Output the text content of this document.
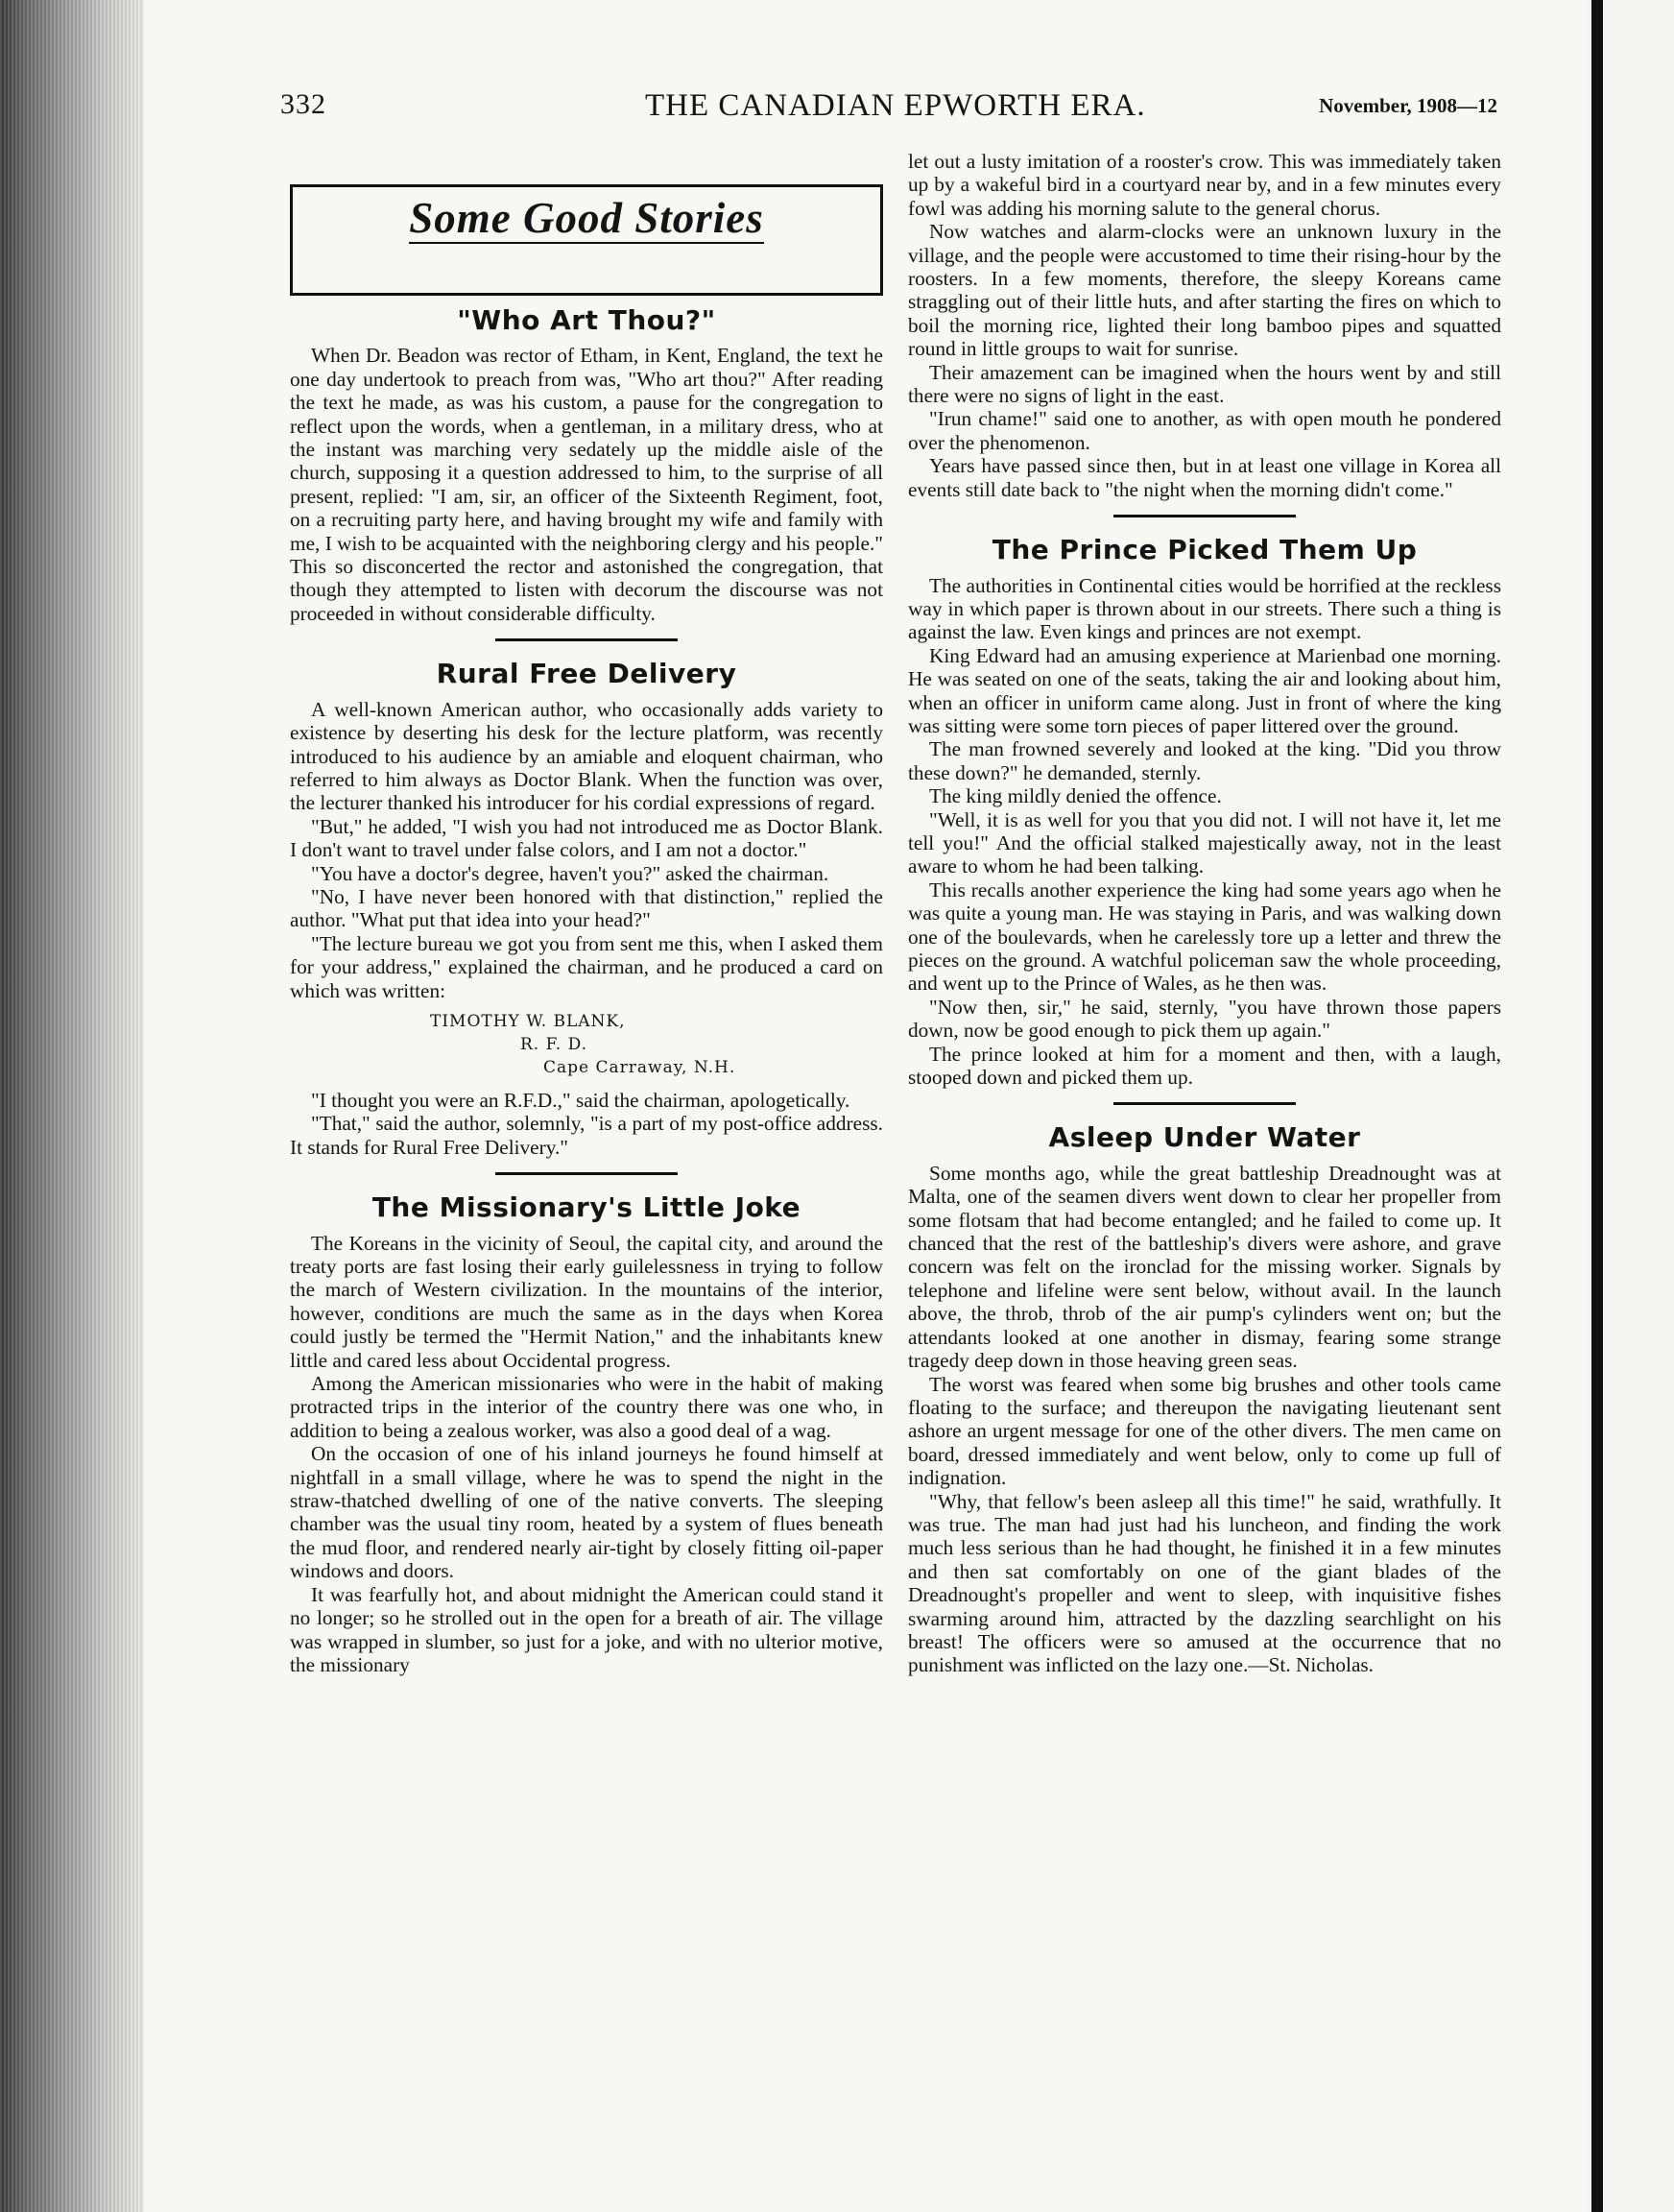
332	THE CANADIAN EPWORTH ERA.	November, 1908—12
Some Good Stories
"Who Art Thou?"

When Dr. Beadon was rector of Etham, in Kent, England, the text he one day undertook to preach from was, "Who art thou?" After reading the text he made, as was his custom, a pause for the congregation to reflect upon the words, when a gentleman, in a military dress, who at the instant was marching very sedately up the middle aisle of the church, supposing it a question addressed to him, to the surprise of all present, replied: "I am, sir, an officer of the Sixteenth Regiment, foot, on a recruiting party here, and having brought my wife and family with me, I wish to be acquainted with the neighboring clergy and his people." This so disconcerted the rector and astonished the congregation, that though they attempted to listen with decorum the discourse was not proceeded in without considerable difficulty.

Rural Free Delivery

A well-known American author, who occasionally adds variety to existence by deserting his desk for the lecture platform, was recently introduced to his audience by an amiable and eloquent chairman, who referred to him always as Doctor Blank. When the function was over, the lecturer thanked his introducer for his cordial expressions of regard.

"But," he added, "I wish you had not introduced me as Doctor Blank. I don't want to travel under false colors, and I am not a doctor."

"You have a doctor's degree, haven't you?" asked the chairman.

"No, I have never been honored with that distinction," replied the author. "What put that idea into your head?"

"The lecture bureau we got you from sent me this, when I asked them for your address," explained the chairman, and he produced a card on which was written:

TIMOTHY W. BLANK,
R. F. D.
Cape Carraway, N.H.

"I thought you were an R.F.D.," said the chairman, apologetically.

"That," said the author, solemnly, "is a part of my post-office address. It stands for Rural Free Delivery."

The Missionary's Little Joke

The Koreans in the vicinity of Seoul, the capital city, and around the treaty ports are fast losing their early guilelessness in trying to follow the march of Western civilization. In the mountains of the interior, however, conditions are much the same as in the days when Korea could justly be termed the "Hermit Nation," and the inhabitants knew little and cared less about Occidental progress.

Among the American missionaries who were in the habit of making protracted trips in the interior of the country there was one who, in addition to being a zealous worker, was also a good deal of a wag.

On the occasion of one of his inland journeys he found himself at nightfall in a small village, where he was to spend the night in the straw-thatched dwelling of one of the native converts. The sleeping chamber was the usual tiny room, heated by a system of flues beneath the mud floor, and rendered nearly air-tight by closely fitting oil-paper windows and doors.

It was fearfully hot, and about midnight the American could stand it no longer; so he strolled out in the open for a breath of air. The village was wrapped in slumber, so just for a joke, and with no ulterior motive, the missionary

let out a lusty imitation of a rooster's crow. This was immediately taken up by a wakeful bird in a courtyard near by, and in a few minutes every fowl was adding his morning salute to the general chorus.

Now watches and alarm-clocks were an unknown luxury in the village, and the people were accustomed to time their rising-hour by the roosters. In a few moments, therefore, the sleepy Koreans came straggling out of their little huts, and after starting the fires on which to boil the morning rice, lighted their long bamboo pipes and squatted round in little groups to wait for sunrise.

Their amazement can be imagined when the hours went by and still there were no signs of light in the east.

"Irun chame!" said one to another, as with open mouth he pondered over the phenomenon.

Years have passed since then, but in at least one village in Korea all events still date back to "the night when the morning didn't come."

The Prince Picked Them Up

The authorities in Continental cities would be horrified at the reckless way in which paper is thrown about in our streets. There such a thing is against the law. Even kings and princes are not exempt.

King Edward had an amusing experience at Marienbad one morning. He was seated on one of the seats, taking the air and looking about him, when an officer in uniform came along. Just in front of where the king was sitting were some torn pieces of paper littered over the ground.

The man frowned severely and looked at the king. "Did you throw these down?" he demanded, sternly.

The king mildly denied the offence.

"Well, it is as well for you that you did not. I will not have it, let me tell you!" And the official stalked majestically away, not in the least aware to whom he had been talking.

This recalls another experience the king had some years ago when he was quite a young man. He was staying in Paris, and was walking down one of the boulevards, when he carelessly tore up a letter and threw the pieces on the ground. A watchful policeman saw the whole proceeding, and went up to the Prince of Wales, as he then was.

"Now then, sir," he said, sternly, "you have thrown those papers down, now be good enough to pick them up again."

The prince looked at him for a moment and then, with a laugh, stooped down and picked them up.

Asleep Under Water

Some months ago, while the great battleship Dreadnought was at Malta, one of the seamen divers went down to clear her propeller from some flotsam that had become entangled; and he failed to come up. It chanced that the rest of the battleship's divers were ashore, and grave concern was felt on the ironclad for the missing worker. Signals by telephone and lifeline were sent below, without avail. In the launch above, the throb, throb of the air pump's cylinders went on; but the attendants looked at one another in dismay, fearing some strange tragedy deep down in those heaving green seas.

The worst was feared when some big brushes and other tools came floating to the surface; and thereupon the navigating lieutenant sent ashore an urgent message for one of the other divers. The men came on board, dressed immediately and went below, only to come up full of indignation.

"Why, that fellow's been asleep all this time!" he said, wrathfully. It was true. The man had just had his luncheon, and finding the work much less serious than he had thought, he finished it in a few minutes and then sat comfortably on one of the giant blades of the Dreadnought's propeller and went to sleep, with inquisitive fishes swarming around him, attracted by the dazzling searchlight on his breast! The officers were so amused at the occurrence that no punishment was inflicted on the lazy one.—St. Nicholas.
